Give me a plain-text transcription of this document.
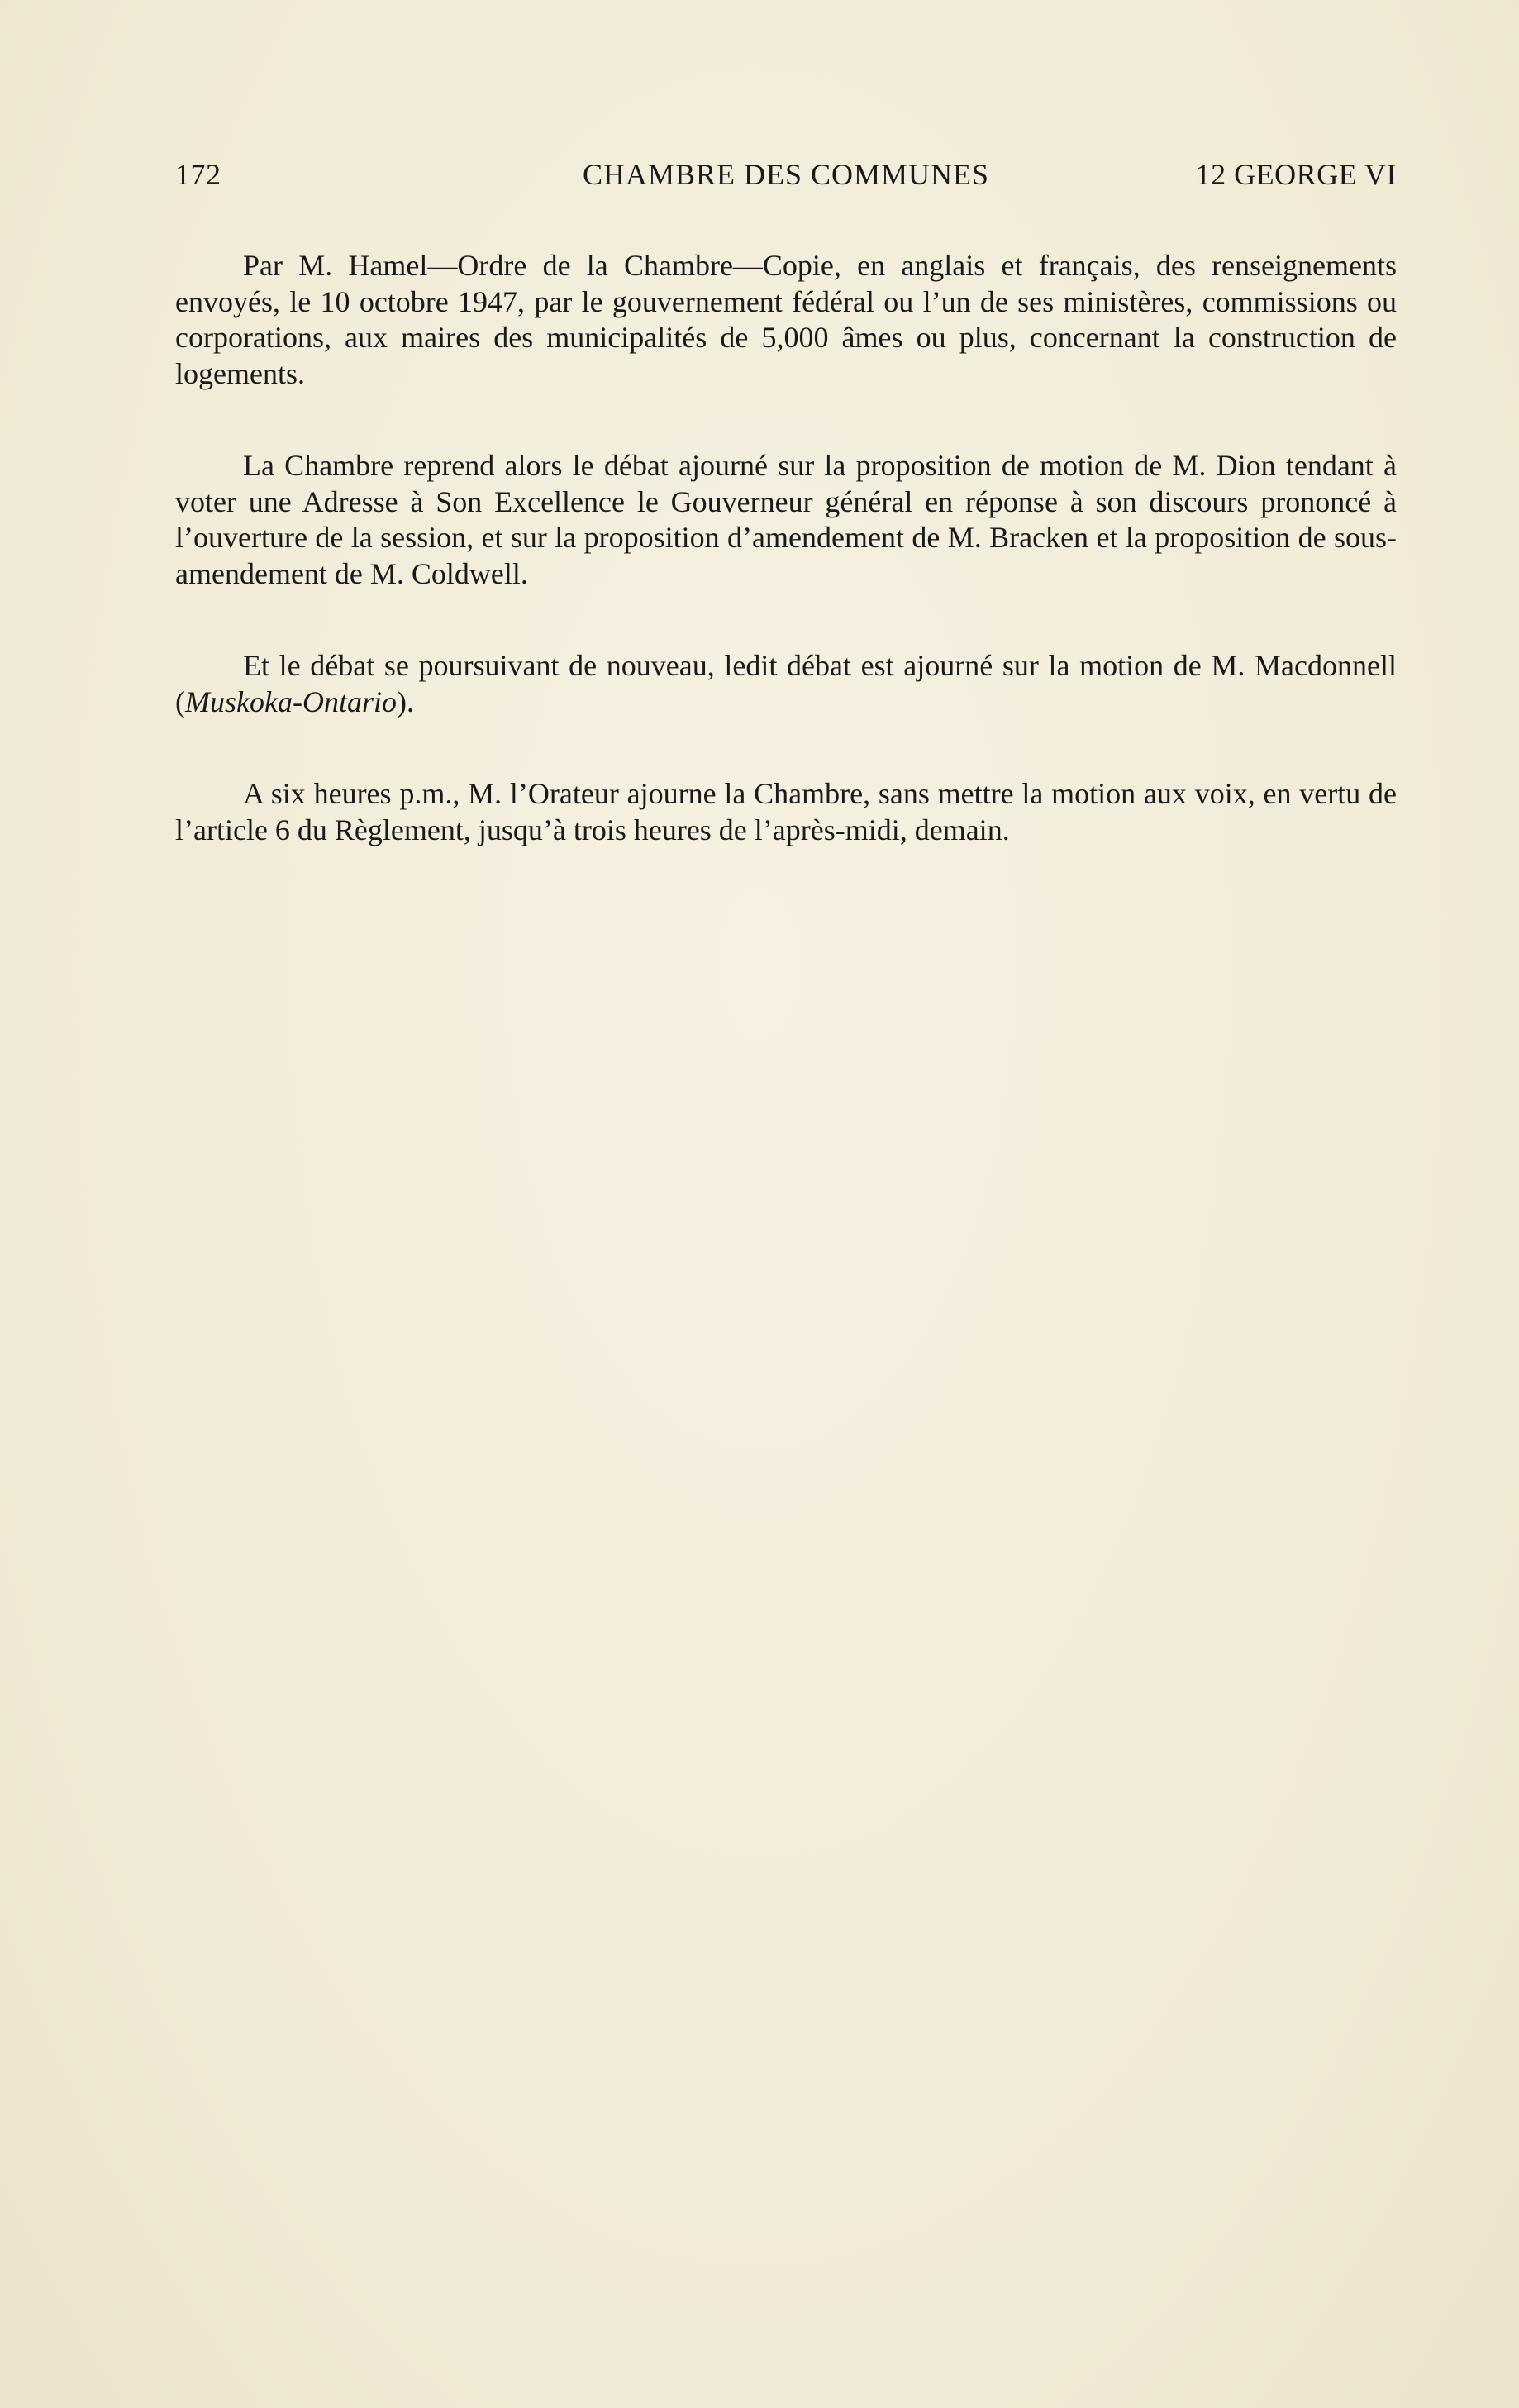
172	CHAMBRE DES COMMUNES	12 GEORGE VI

Par M. Hamel—Ordre de la Chambre—Copie, en anglais et français, des renseignements envoyés, le 10 octobre 1947, par le gouvernement fédéral ou l’un de ses ministères, commissions ou corporations, aux maires des municipalités de 5,000 âmes ou plus, concernant la construction de logements.

La Chambre reprend alors le débat ajourné sur la proposition de motion de M. Dion tendant à voter une Adresse à Son Excellence le Gouverneur général en réponse à son discours prononcé à l’ouverture de la session, et sur la proposition d’amendement de M. Bracken et la proposition de sous-amendement de M. Coldwell.

Et le débat se poursuivant de nouveau, ledit débat est ajourné sur la motion de M. Macdonnell (Muskoka-Ontario).

A six heures p.m., M. l’Orateur ajourne la Chambre, sans mettre la motion aux voix, en vertu de l’article 6 du Règlement, jusqu’à trois heures de l’après-midi, demain.
